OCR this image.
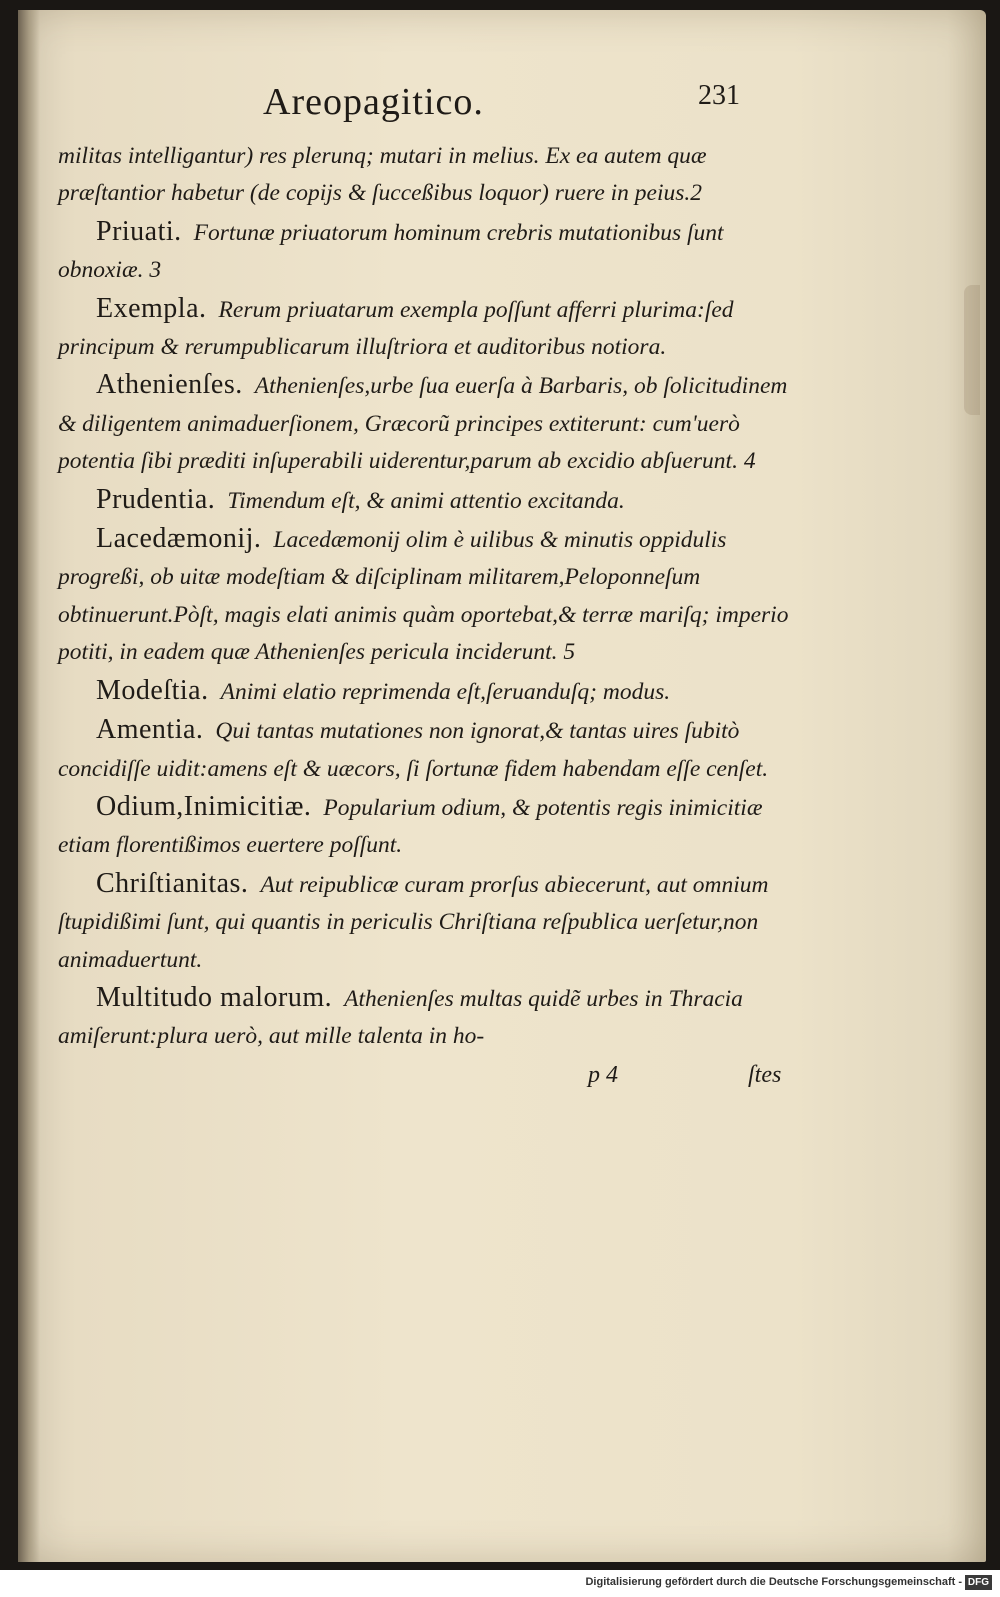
Areopagitico.	231

militas intelligantur) res plerunq; mutari in melius. Ex ea autem quæ præſtantior habetur (de copijs & ſucceßibus loquor) ruere in peius.2

Priuati. Fortunæ priuatorum hominum crebris mutationibus ſunt obnoxiæ. 3

Exempla. Rerum priuatarum exempla poſſunt afferri plurima:ſed principum & rerumpublicarum illuſtriora et auditoribus notiora.

Athenienſes. Athenienſes,urbe ſua euerſa à Barbaris, ob ſolicitudinem & diligentem animaduerſionem, Græcorũ principes extiterunt: cum'uerò potentia ſibi præditi inſuperabili uiderentur,parum ab excidio abſuerunt. 4

Prudentia. Timendum eſt, & animi attentio excitanda.

Lacedæmonij. Lacedæmonij olim è uilibus & minutis oppidulis progreßi, ob uitæ modeſtiam & diſciplinam militarem,Peloponneſum obtinuerunt.Pòſt, magis elati animis quàm oportebat,& terræ mariſq; imperio potiti, in eadem quæ Athenienſes pericula inciderunt. 5

Modeſtia. Animi elatio reprimenda eſt,ſeruanduſq; modus.

Amentia. Qui tantas mutationes non ignorat,& tantas uires ſubitò concidiſſe uidit:amens eſt & uæcors, ſi ſortunæ fidem habendam eſſe cenſet.

Odium,Inimicitiæ. Popularium odium, & potentis regis inimicitiæ etiam florentißimos euertere poſſunt.

Chriſtianitas. Aut reipublicæ curam prorſus abiecerunt, aut omnium ſtupidißimi ſunt, qui quantis in periculis Chriſtiana reſpublica uerſetur,non animaduertunt.

Multitudo malorum. Athenienſes multas quidẽ urbes in Thracia amiſerunt:plura uerò, aut mille talenta in ho-

p 4	ſtes
Digitalisierung gefördert durch die Deutsche Forschungsgemeinschaft - DFG
